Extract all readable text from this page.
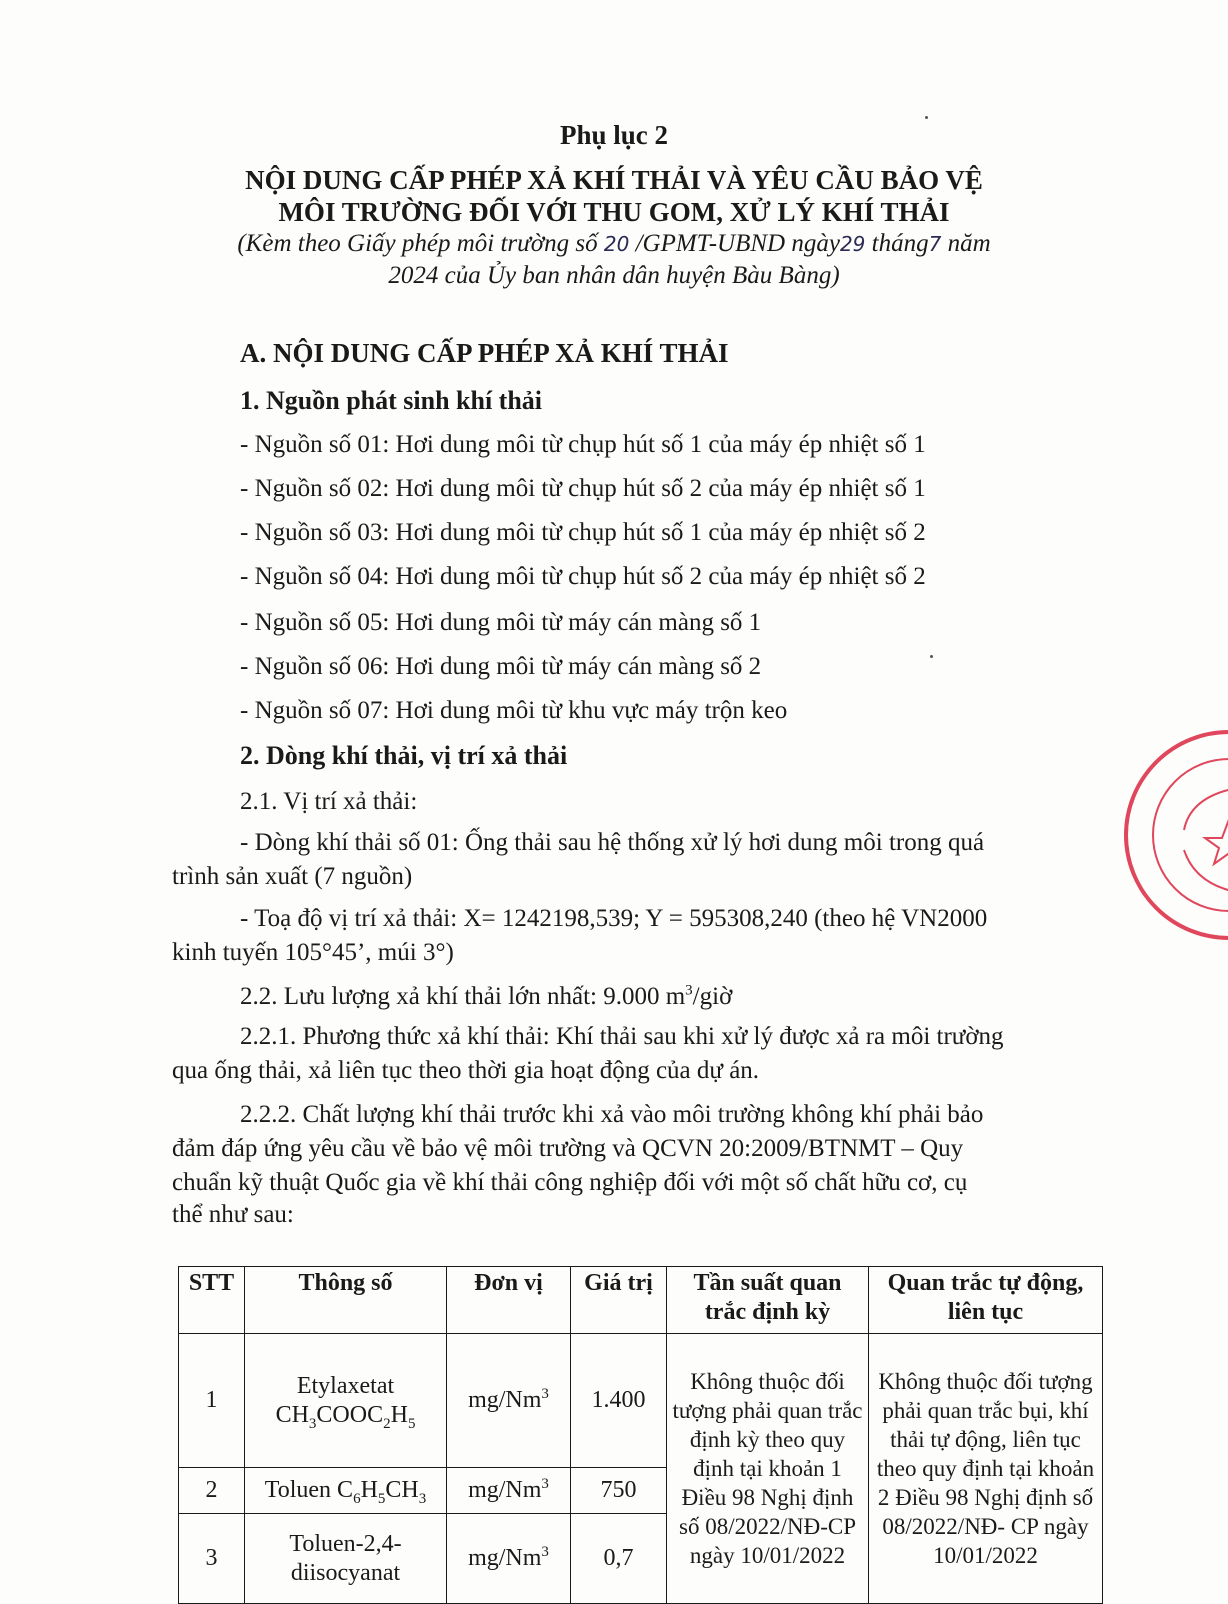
Phụ lục 2
NỘI DUNG CẤP PHÉP XẢ KHÍ THẢI VÀ YÊU CẦU BẢO VỆ
MÔI TRƯỜNG ĐỐI VỚI THU GOM, XỬ LÝ KHÍ THẢI
(Kèm theo Giấy phép môi trường số 20 /GPMT-UBND ngày29 tháng7 năm
2024 của Ủy ban nhân dân huyện Bàu Bàng)
A. NỘI DUNG CẤP PHÉP XẢ KHÍ THẢI
1. Nguồn phát sinh khí thải
- Nguồn số 01: Hơi dung môi từ chụp hút số 1 của máy ép nhiệt số 1
- Nguồn số 02: Hơi dung môi từ chụp hút số 2 của máy ép nhiệt số 1
- Nguồn số 03: Hơi dung môi từ chụp hút số 1 của máy ép nhiệt số 2
- Nguồn số 04: Hơi dung môi từ chụp hút số 2 của máy ép nhiệt số 2
- Nguồn số 05: Hơi dung môi từ máy cán màng số 1
- Nguồn số 06: Hơi dung môi từ máy cán màng số 2
- Nguồn số 07: Hơi dung môi từ khu vực máy trộn keo
2. Dòng khí thải, vị trí xả thải
2.1. Vị trí xả thải:
- Dòng khí thải số 01: Ống thải sau hệ thống xử lý hơi dung môi trong quá
trình sản xuất (7 nguồn)
- Toạ độ vị trí xả thải: X= 1242198,539; Y = 595308,240 (theo hệ VN2000
kinh tuyến 105°45’, múi 3°)
2.2. Lưu lượng xả khí thải lớn nhất: 9.000 $m^3$/giờ
2.2.1. Phương thức xả khí thải: Khí thải sau khi xử lý được xả ra môi trường
qua ống thải, xả liên tục theo thời gia hoạt động của dự án.
2.2.2. Chất lượng khí thải trước khi xả vào môi trường không khí phải bảo
đảm đáp ứng yêu cầu về bảo vệ môi trường và QCVN 20:2009/BTNMT – Quy
chuẩn kỹ thuật Quốc gia về khí thải công nghiệp đối với một số chất hữu cơ, cụ
thể như sau:
STT	Thông số	Đơn vị	Giá trị	Tần suất quan trắc định kỳ	Quan trắc tự động, liên tục
1	Etylaxetat
$CH_3COOC_2H_5$	mg/Nm$^3$	1.400	Không thuộc đối tượng phải quan trắc định kỳ theo quy định tại khoản 1 Điều 98 Nghị định số 08/2022/NĐ-CP ngày 10/01/2022	Không thuộc đối tượng phải quan trắc bụi, khí thải tự động, liên tục theo quy định tại khoản 2 Điều 98 Nghị định số 08/2022/NĐ- CP ngày 10/01/2022
2	Toluen $C_6H_5CH_3$	mg/Nm$^3$	750		
3	Toluen-2,4-diisocyanat	mg/Nm$^3$	0,7		
